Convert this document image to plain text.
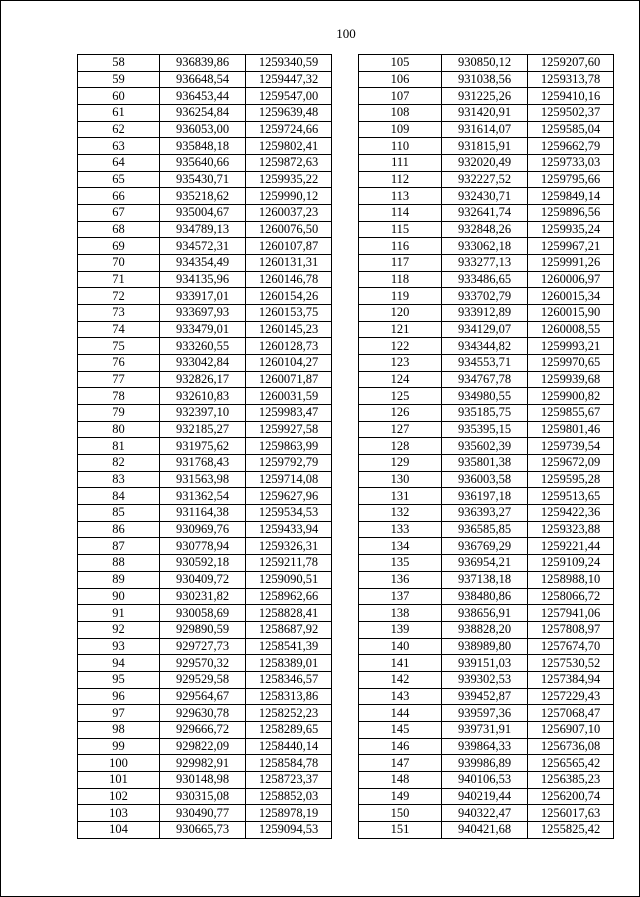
100
58	936839,86	1259340,59
59	936648,54	1259447,32
60	936453,44	1259547,00
61	936254,84	1259639,48
62	936053,00	1259724,66
63	935848,18	1259802,41
64	935640,66	1259872,63
65	935430,71	1259935,22
66	935218,62	1259990,12
67	935004,67	1260037,23
68	934789,13	1260076,50
69	934572,31	1260107,87
70	934354,49	1260131,31
71	934135,96	1260146,78
72	933917,01	1260154,26
73	933697,93	1260153,75
74	933479,01	1260145,23
75	933260,55	1260128,73
76	933042,84	1260104,27
77	932826,17	1260071,87
78	932610,83	1260031,59
79	932397,10	1259983,47
80	932185,27	1259927,58
81	931975,62	1259863,99
82	931768,43	1259792,79
83	931563,98	1259714,08
84	931362,54	1259627,96
85	931164,38	1259534,53
86	930969,76	1259433,94
87	930778,94	1259326,31
88	930592,18	1259211,78
89	930409,72	1259090,51
90	930231,82	1258962,66
91	930058,69	1258828,41
92	929890,59	1258687,92
93	929727,73	1258541,39
94	929570,32	1258389,01
95	929529,58	1258346,57
96	929564,67	1258313,86
97	929630,78	1258252,23
98	929666,72	1258289,65
99	929822,09	1258440,14
100	929982,91	1258584,78
101	930148,98	1258723,37
102	930315,08	1258852,03
103	930490,77	1258978,19
104	930665,73	1259094,53
105	930850,12	1259207,60
106	931038,56	1259313,78
107	931225,26	1259410,16
108	931420,91	1259502,37
109	931614,07	1259585,04
110	931815,91	1259662,79
111	932020,49	1259733,03
112	932227,52	1259795,66
113	932430,71	1259849,14
114	932641,74	1259896,56
115	932848,26	1259935,24
116	933062,18	1259967,21
117	933277,13	1259991,26
118	933486,65	1260006,97
119	933702,79	1260015,34
120	933912,89	1260015,90
121	934129,07	1260008,55
122	934344,82	1259993,21
123	934553,71	1259970,65
124	934767,78	1259939,68
125	934980,55	1259900,82
126	935185,75	1259855,67
127	935395,15	1259801,46
128	935602,39	1259739,54
129	935801,38	1259672,09
130	936003,58	1259595,28
131	936197,18	1259513,65
132	936393,27	1259422,36
133	936585,85	1259323,88
134	936769,29	1259221,44
135	936954,21	1259109,24
136	937138,18	1258988,10
137	938480,86	1258066,72
138	938656,91	1257941,06
139	938828,20	1257808,97
140	938989,80	1257674,70
141	939151,03	1257530,52
142	939302,53	1257384,94
143	939452,87	1257229,43
144	939597,36	1257068,47
145	939731,91	1256907,10
146	939864,33	1256736,08
147	939986,89	1256565,42
148	940106,53	1256385,23
149	940219,44	1256200,74
150	940322,47	1256017,63
151	940421,68	1255825,42
